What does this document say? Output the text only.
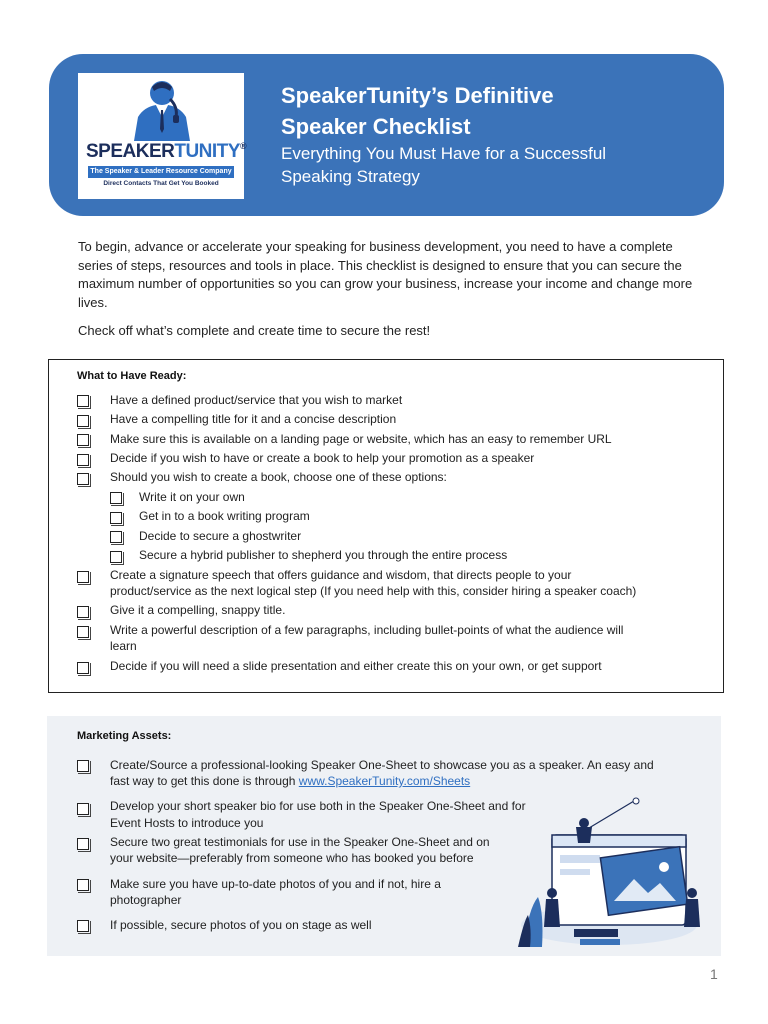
SPEAKERTUNITY®
The Speaker & Leader Resource Company
Direct Contacts That Get You Booked
SpeakerTunity’s Definitive
Speaker Checklist
Everything You Must Have for a Successful
Speaking Strategy

To begin, advance or accelerate your speaking for business development, you need to have a complete series of steps, resources and tools in place. This checklist is designed to ensure that you can secure the maximum number of opportunities so you can grow your business, increase your income and change more lives.

Check off what’s complete and create time to secure the rest!

What to Have Ready:
Have a defined product/service that you wish to market
Have a compelling title for it and a concise description
Make sure this is available on a landing page or website, which has an easy to remember URL
Decide if you wish to have or create a book to help your promotion as a speaker
Should you wish to create a book, choose one of these options:
Write it on your own
Get in to a book writing program
Decide to secure a ghostwriter
Secure a hybrid publisher to shepherd you through the entire process
Create a signature speech that offers guidance and wisdom, that directs people to your
product/service as the next logical step (If you need help with this, consider hiring a speaker coach)
Give it a compelling, snappy title.
Write a powerful description of a few paragraphs, including bullet-points of what the audience will
learn
Decide if you will need a slide presentation and either create this on your own, or get support
Marketing Assets:
Create/Source a professional-looking Speaker One-Sheet to showcase you as a speaker. An easy and
fast way to get this done is through www.SpeakerTunity.com/Sheets
Develop your short speaker bio for use both in the Speaker One-Sheet and for
Event Hosts to introduce you
Secure two great testimonials for use in the Speaker One-Sheet and on
your website—preferably from someone who has booked you before
Make sure you have up-to-date photos of you and if not, hire a
photographer
If possible, secure photos of you on stage as well
1
